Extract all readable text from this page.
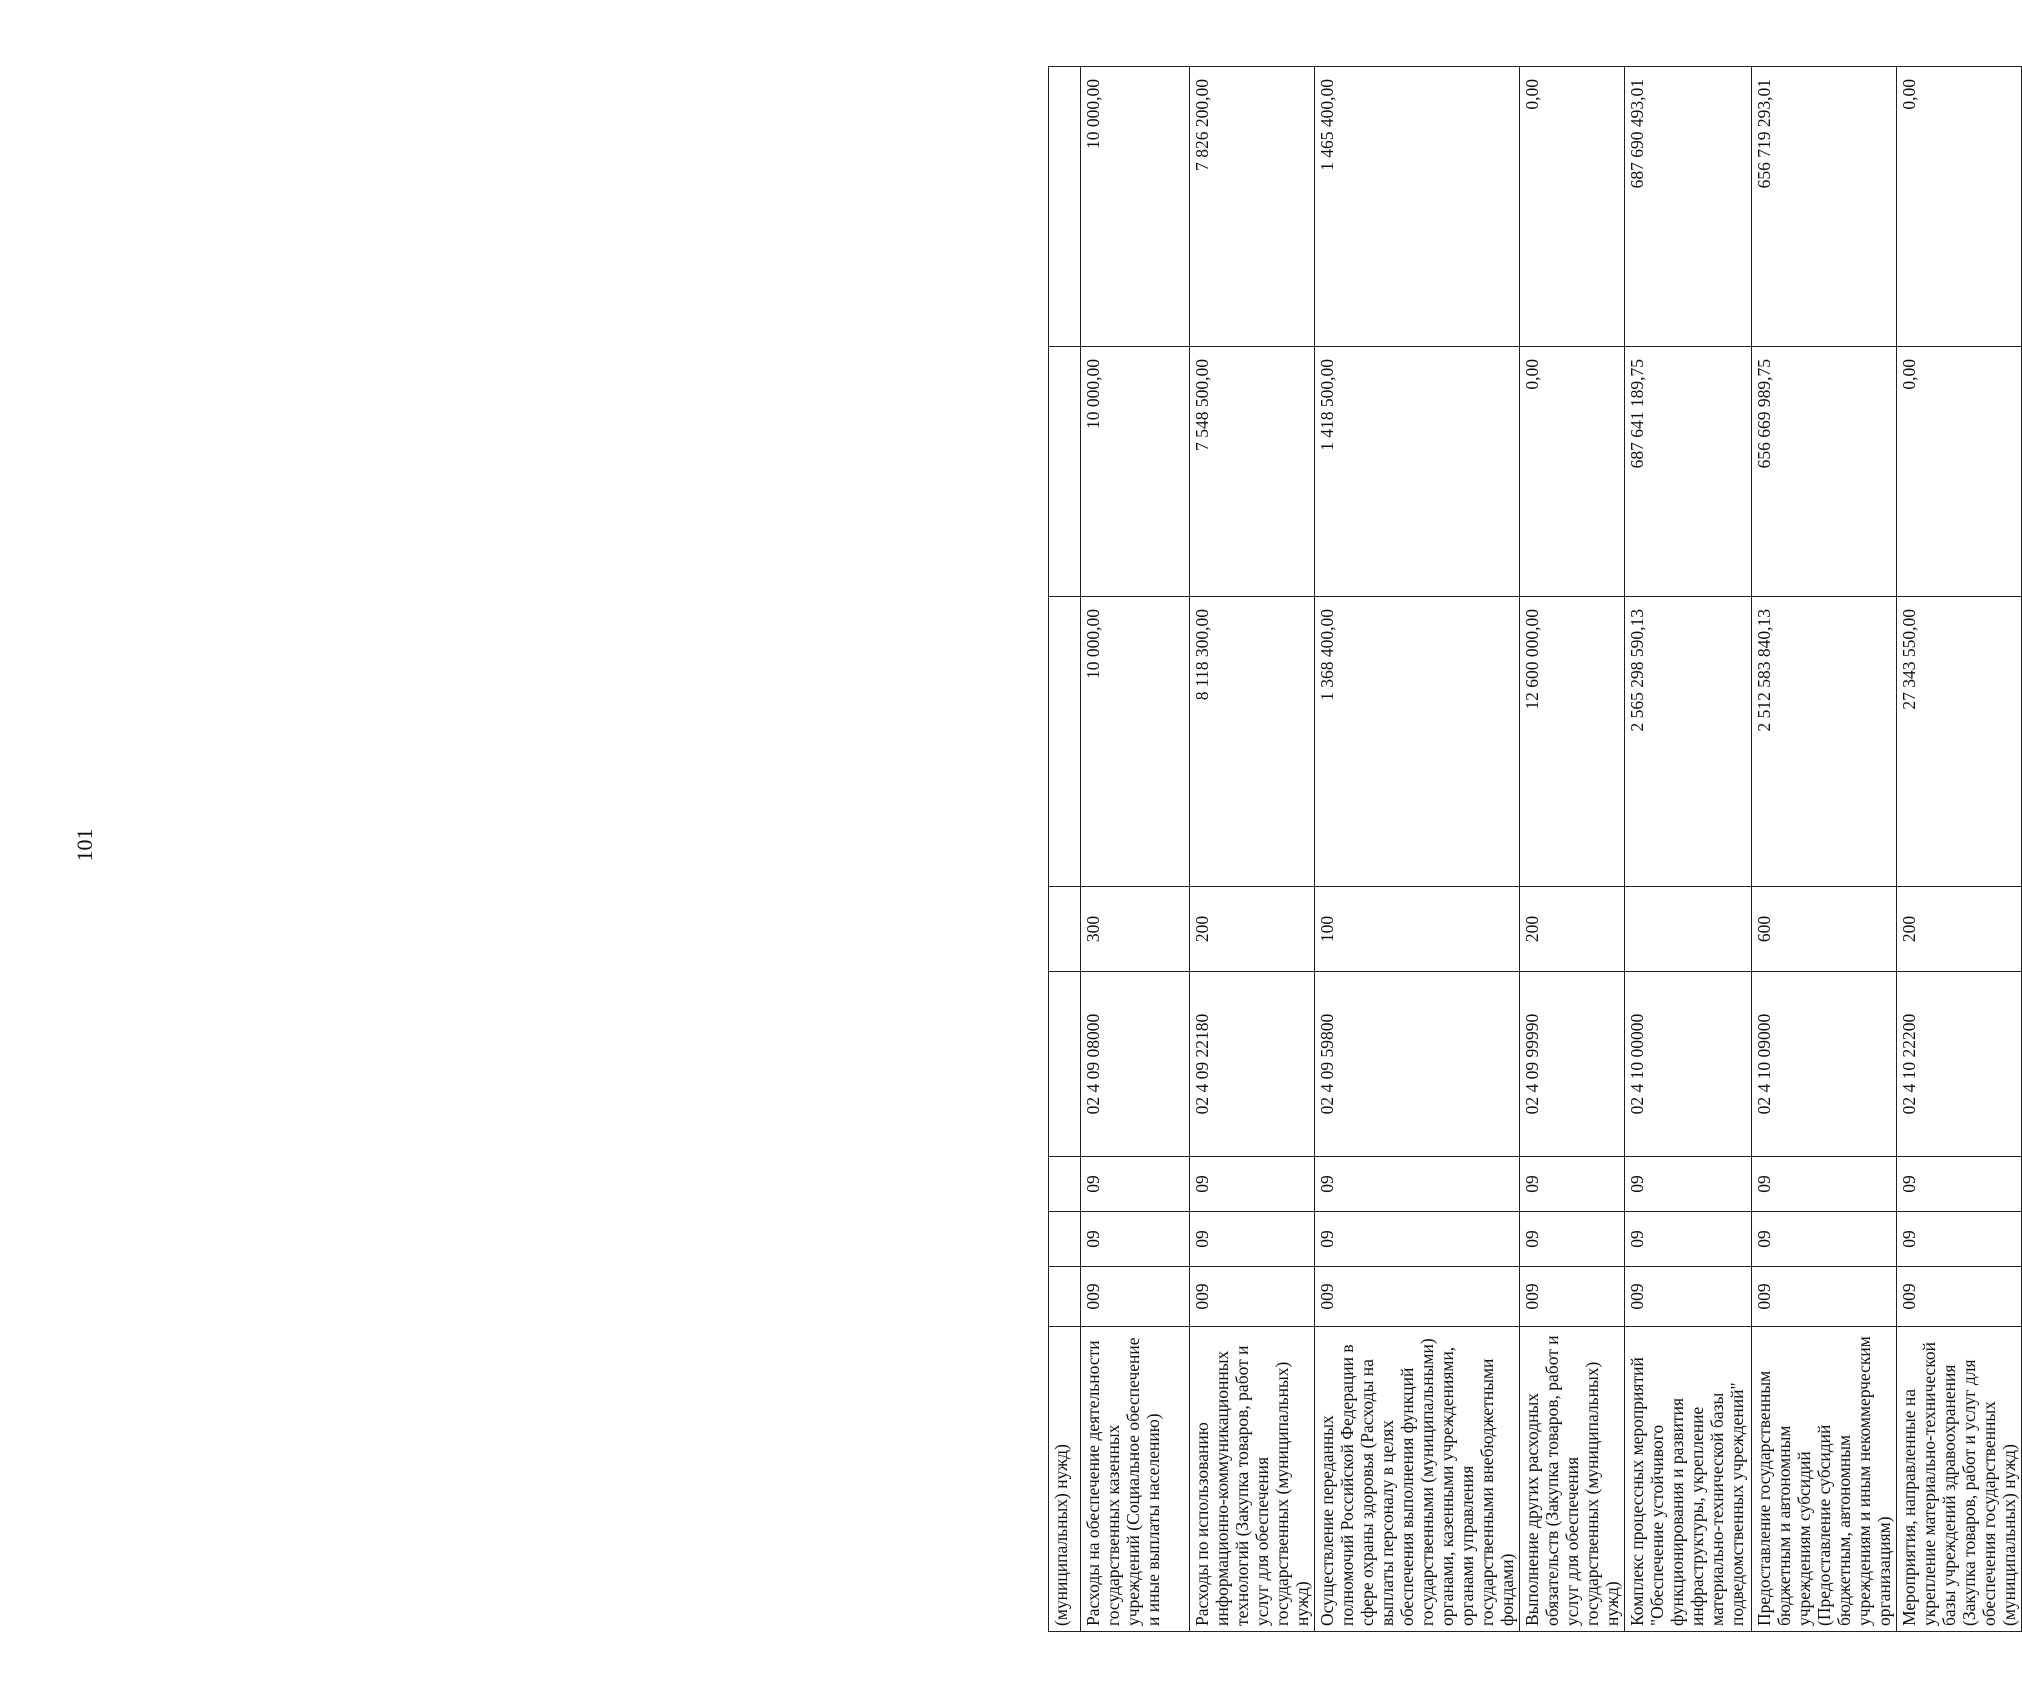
101
(муниципальных) нужд)								
Расходы на обеспечение деятельности государственных казенных учреждений (Социальное обеспечение и иные выплаты населению)	009	09	09	02 4 09 08000	300	10 000,00	10 000,00	10 000,00
Расходы по использованию информационно-коммуникационных технологий (Закупка товаров, работ и услуг для обеспечения государственных (муниципальных) нужд)	009	09	09	02 4 09 22180	200	8 118 300,00	7 548 500,00	7 826 200,00
Осуществление переданных полномочий Российской Федерации в сфере охраны здоровья (Расходы на выплаты персоналу в целях обеспечения выполнения функций государственными (муниципальными) органами, казенными учреждениями, органами управления государственными внебюджетными фондами)	009	09	09	02 4 09 59800	100	1 368 400,00	1 418 500,00	1 465 400,00
Выполнение других расходных обязательств (Закупка товаров, работ и услуг для обеспечения государственных (муниципальных) нужд)	009	09	09	02 4 09 99990	200	12 600 000,00	0,00	0,00
Комплекс процессных мероприятий "Обеспечение устойчивого функционирования и развития инфраструктуры, укрепление материально-технической базы подведомственных учреждений"	009	09	09	02 4 10 00000		2 565 298 590,13	687 641 189,75	687 690 493,01
Предоставление государственным бюджетным и автономным учреждениям субсидий (Предоставление субсидий бюджетным, автономным учреждениям и иным некоммерческим организациям)	009	09	09	02 4 10 09000	600	2 512 583 840,13	656 669 989,75	656 719 293,01
Мероприятия, направленные на укрепление материально-технической базы учреждений здравоохранения (Закупка товаров, работ и услуг для обеспечения государственных (муниципальных) нужд)	009	09	09	02 4 10 22200	200	27 343 550,00	0,00	0,00
